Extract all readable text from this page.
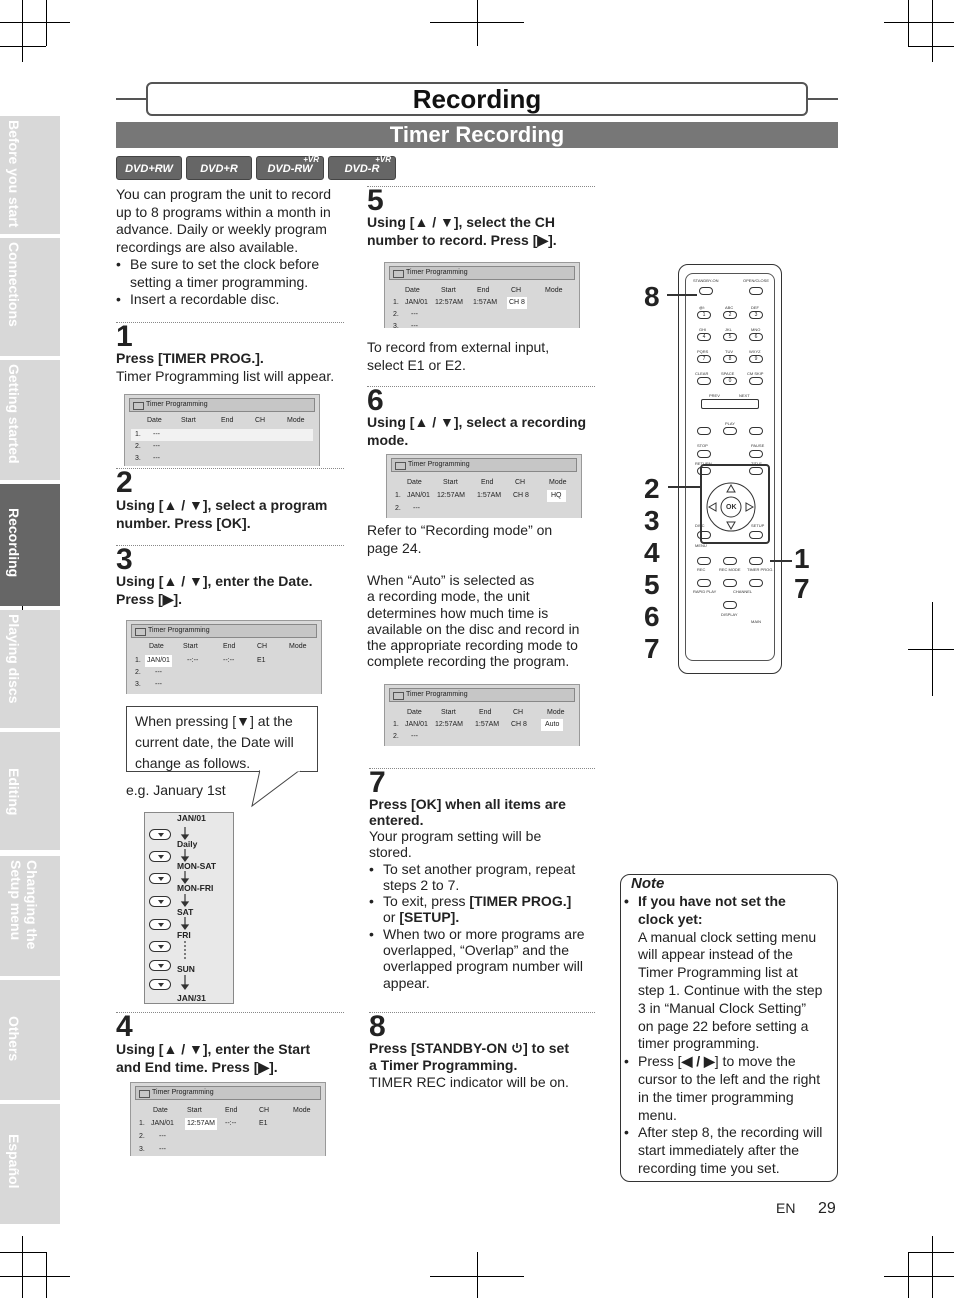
Recording
Timer Recording
DVD+RW	DVD+R
+VR
DVD-RW
+VR
DVD-R
You can program the unit to record
up to 8 programs within a month in
advance. Daily or weekly program
recordings are also available.
• Be sure to set the clock before
setting a timer programming.
• Insert a recordable disc.
1
Press [TIMER PROG.].
Timer Programming list will appear.
Timer Programming
Date	Start	End	CH	Mode
1. ---
2. ---
3. ---
2
Using [▲ / ▼], select a program
number. Press [OK].
3
Using [▲ / ▼], enter the Date.
Press [▶].
Timer Programming
Date	Start	End	CH	Mode
1. JAN/01 --:--	--:--	E1
2. ---
3. ---
When pressing [▼] at the
current date, the Date will
change as follows.
e.g. January 1st
JAN/01
Daily
MON-SAT
MON-FRI
SAT
FRI
SUN
JAN/31
4
Using [▲ / ▼], enter the Start
and End time. Press [▶].
Timer Programming
Date	Start	End	CH	Mode
1. JAN/01 12:57AM --:--	E1
2. ---
3. ---
5
Using [▲ / ▼], select the CH
number to record. Press [▶].
Timer Programming
Date	Start	End	CH	Mode
1. JAN/01 12:57AM 1:57AM CH 8
2. ---
3. ---
To record from external input,
select E1 or E2.
6
Using [▲ / ▼], select a recording
mode.
Timer Programming
Date	Start	End	CH	Mode
1. JAN/01 12:57AM 1:57AM CH 8	HQ
2. ---
Refer to “Recording mode” on
page 24.
When “Auto” is selected as
a recording mode, the unit
determines how much time is
available on the disc and record in
the appropriate recording mode to
complete recording the program.
Timer Programming
Date	Start	End	CH	Mode
1. JAN/01 12:57AM 1:57AM CH 8	Auto
2. ---
7
Press [OK] when all items are
entered.
Your program setting will be
stored.
• To set another program, repeat
steps 2 to 7.
• To exit, press [TIMER PROG.]
or [SETUP].
• When two or more programs are
overlapped, “Overlap” and the
overlapped program number will
appear.
8
Press [STANDBY-ON ] to set
a Timer Programming.
TIMER REC indicator will be on.
STANDBY-ON	OPEN/CLOSE
@!:	ABC	DEF
1	2	3
GHI	JKL	MNO
4	5	6
PQRS	TUV	WXYZ
7	8	9
CLEAR	SPACE	CM SKIP
0
PREV	NEXT
PLAY
STOP	PAUSE
RETURN	TITLE
OK
DISC	SETUP
MENU
REC	REC MODE TIMER PROG.
RAPID PLAY	CHANNEL
DISPLAY
MAIN
8
2
3
4
5
6
7
1
7
Note
• If you have not set the
clock yet:
A manual clock setting menu
will appear instead of the
Timer Programming list at
step 1. Continue with the step
3 in “Manual Clock Setting”
on page 22 before setting a
timer programming.
• Press [◀ / ▶] to move the
cursor to the left and the right
in the timer programming
menu.
• After step 8, the recording will
start immediately after the
recording time you set.
Before you start
Connections
Getting started
Recording
Playing discs
Editing
Changing the Setup menu
Others
Español
EN 29
